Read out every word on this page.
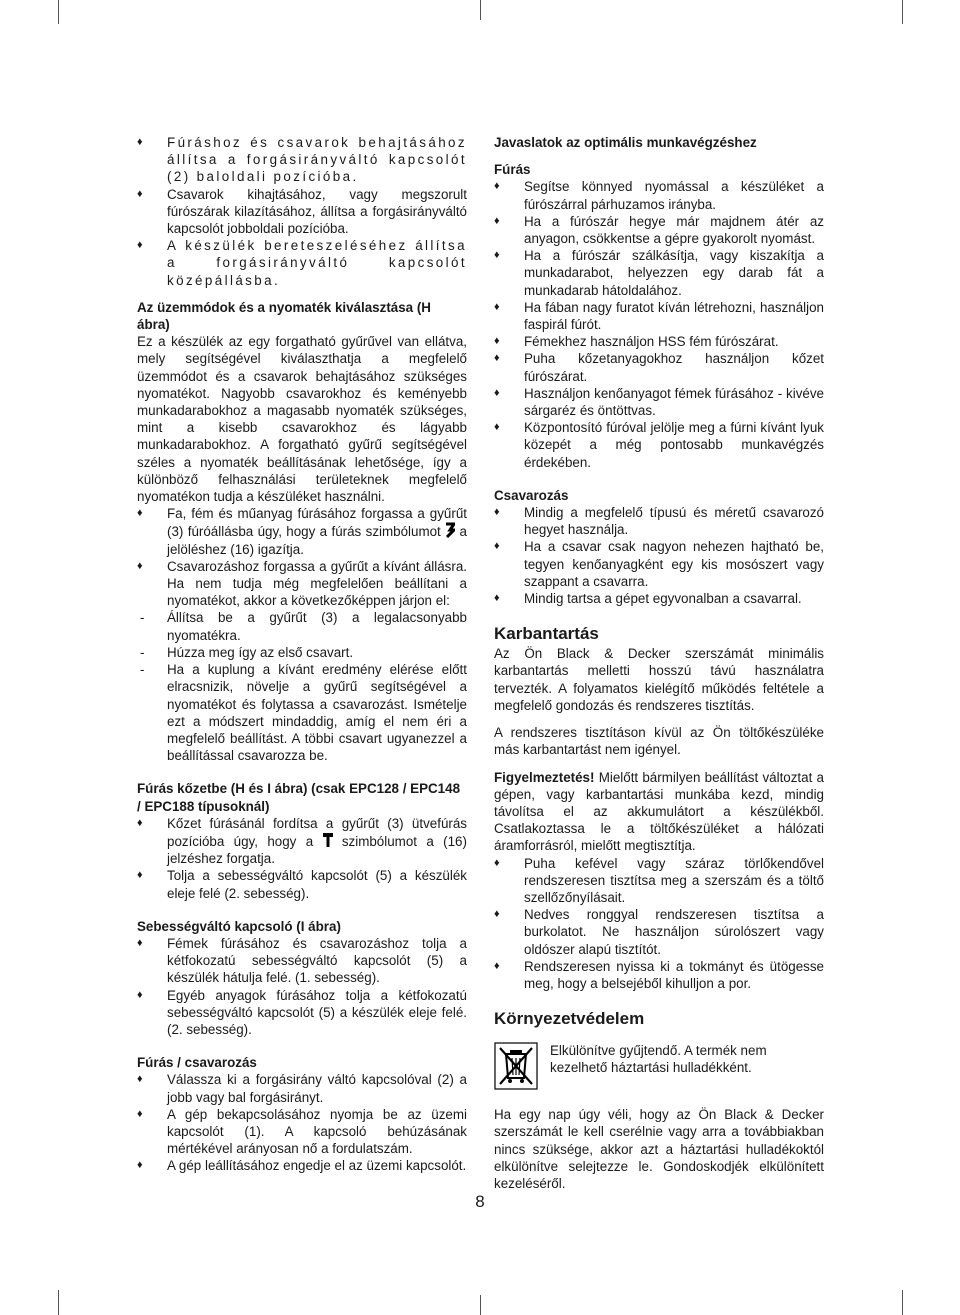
♦ Fúráshoz és csavarok behajtásához állítsa a forgásirányváltó kapcsolót (2) baloldali pozícióba.
♦ Csavarok kihajtásához, vagy megszorult fúrószárak kilazításához, állítsa a forgásirányváltó kapcsolót jobboldali pozícióba.
♦ A készülék bereteszeléséhez állítsa a forgásirányváltó kapcsolót középállásba.
Az üzemmódok és a nyomaték kiválasztása (H ábra)

Ez a készülék az egy forgatható gyűrűvel van ellátva, mely segítségével kiválaszthatja a megfelelő üzemmódot és a csavarok behajtásához szükséges nyomatékot. Nagyobb csavarokhoz és keményebb munkadarabokhoz a magasabb nyomaték szükséges, mint a kisebb csavarokhoz és lágyabb munkadarabokhoz. A forgatható gyűrű segítségével széles a nyomaték beállításának lehetősége, így a különböző felhasználási területeknek megfelelő nyomatékon tudja a készüléket használni.

♦ Fa, fém és műanyag fúrásához forgassa a gyűrűt (3) fúróállásba úgy, hogy a fúrás szimbólumot a jelöléshez (16) igazítja.
♦ Csavarozáshoz forgassa a gyűrűt a kívánt állásra. Ha nem tudja még megfelelően beállítani a nyomatékot, akkor a következőképpen járjon el:
- Állítsa be a gyűrűt (3) a legalacsonyabb nyomatékra.
- Húzza meg így az első csavart.
- Ha a kuplung a kívánt eredmény elérése előtt elracsnizik, növelje a gyűrű segítségével a nyomatékot és folytassa a csavarozást. Ismételje ezt a módszert mindaddig, amíg el nem éri a megfelelő beállítást. A többi csavart ugyanezzel a beállítással csavarozza be.
Fúrás kőzetbe (H és I ábra) (csak EPC128 / EPC148 / EPC188 típusoknál)
♦ Kőzet fúrásánál fordítsa a gyűrűt (3) ütvefúrás pozícióba úgy, hogy a szimbólumot a (16) jelzéshez forgatja.
♦ Tolja a sebességváltó kapcsolót (5) a készülék eleje felé (2. sebesség).
Sebességváltó kapcsoló (I ábra)
♦ Fémek fúrásához és csavarozáshoz tolja a kétfokozatú sebességváltó kapcsolót (5) a készülék hátulja felé. (1. sebesség).
♦ Egyéb anyagok fúrásához tolja a kétfokozatú sebességváltó kapcsolót (5) a készülék eleje felé. (2. sebesség).
Fúrás / csavarozás
♦ Válassza ki a forgásirány váltó kapcsolóval (2) a jobb vagy bal forgásirányt.
♦ A gép bekapcsolásához nyomja be az üzemi kapcsolót (1). A kapcsoló behúzásának mértékével arányosan nő a fordulatszám.
♦ A gép leállításához engedje el az üzemi kapcsolót.
Javaslatok az optimális munkavégzéshez
Fúrás
♦ Segítse könnyed nyomással a készüléket a fúrószárral párhuzamos irányba.
♦ Ha a fúrószár hegye már majdnem átér az anyagon, csökkentse a gépre gyakorolt nyomást.
♦ Ha a fúrószár szálkásítja, vagy kiszakítja a munkadarabot, helyezzen egy darab fát a munkadarab hátoldalához.
♦ Ha fában nagy furatot kíván létrehozni, használjon faspirál fúrót.
♦ Fémekhez használjon HSS fém fúrószárat.
♦ Puha kőzetanyagokhoz használjon kőzet fúrószárat.
♦ Használjon kenőanyagot fémek fúrásához - kivéve sárgaréz és öntöttvas.
♦ Központosító fúróval jelölje meg a fúrni kívánt lyuk közepét a még pontosabb munkavégzés érdekében.
Csavarozás
♦ Mindig a megfelelő típusú és méretű csavarozó hegyet használja.
♦ Ha a csavar csak nagyon nehezen hajtható be, tegyen kenőanyagként egy kis mosószert vagy szappant a csavarra.
♦ Mindig tartsa a gépet egyvonalban a csavarral.
Karbantartás

Az Ön Black & Decker szerszámát minimális karbantartás melletti hosszú távú használatra tervezték. A folyamatos kielégítő működés feltétele a megfelelő gondozás és rendszeres tisztítás.

A rendszeres tisztításon kívül az Ön töltőkészüléke más karbantartást nem igényel.

Figyelmeztetés! Mielőtt bármilyen beállítást változtat a gépen, vagy karbantartási munkába kezd, mindig távolítsa el az akkumulátort a készülékből. Csatlakoztassa le a töltőkészüléket a hálózati áramforrásról, mielőtt megtisztítja.

♦ Puha kefével vagy száraz törlőkendővel rendszeresen tisztítsa meg a szerszám és a töltő szellőzőnyílásait.
♦ Nedves ronggyal rendszeresen tisztítsa a burkolatot. Ne használjon súrolószert vagy oldószer alapú tisztítót.
♦ Rendszeresen nyissa ki a tokmányt és ütögesse meg, hogy a belsejéből kihulljon a por.
Környezetvédelem

Elkülönítve gyűjtendő. A termék nem kezelhető háztartási hulladékként.

Ha egy nap úgy véli, hogy az Ön Black & Decker szerszámát le kell cserélnie vagy arra a továbbiakban nincs szüksége, akkor azt a háztartási hulladékoktól elkülönítve selejtezze le. Gondoskodjék elkülönített kezeléséről.

8
